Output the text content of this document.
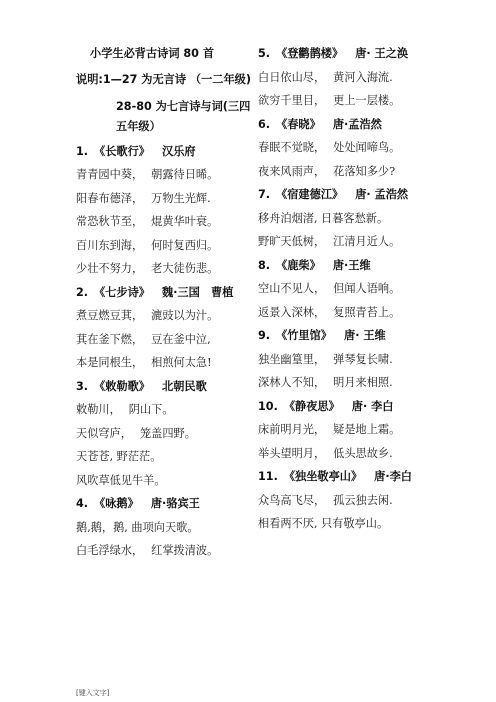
小学生必背古诗词 80 首
说明:1—27 为无言诗 （一二年级)
28-80 为七言诗与词(三四五年级）
1. 《长歌行》 汉乐府
青青园中葵， 朝露待日晞。
阳春布德泽， 万物生光辉.
常恐秋节至， 焜黄华叶衰。
百川东到海， 何时复西归。
少壮不努力， 老大徒伤悲。
2. 《七步诗》 魏·三国　曹植
煮豆燃豆萁， 漉豉以为汁。
萁在釜下燃， 豆在釜中泣,
本是同根生， 相煎何太急!
3. 《敕勒歌》 北朝民歌
敕勒川， 阴山下。
天似穹庐， 笼盖四野。
天苍苍, 野茫茫。
风吹草低见牛羊。
4. 《咏鹅》 唐·骆宾王
鹅,鹅，鹅, 曲项向天歌。
白毛浮绿水， 红掌拨清波。
5. 《登鹳鹊楼》 唐· 王之涣
白日依山尽， 黄河入海流.
欲穷千里目， 更上一层楼。
6. 《春晓》 唐·孟浩然
春眠不觉晓， 处处闻啼鸟。
夜来风雨声， 花落知多少?
7. 《宿建德江》 唐· 孟浩然
移舟泊烟渚, 日暮客愁新。
野旷天低树， 江清月近人。
8. 《鹿柴》 唐·王维
空山不见人， 但闻人语响。
返景入深林， 复照青苔上。
9. 《竹里馆》 唐· 王维
独坐幽篁里， 弹琴复长啸.
深林人不知， 明月来相照.
10. 《静夜思》 唐· 李白
床前明月光， 疑是地上霜。
举头望明月， 低头思故乡.
11. 《独坐敬亭山》 唐·李白
众鸟高飞尽， 孤云独去闲.
相看两不厌, 只有敬亭山。
[键入文字]
